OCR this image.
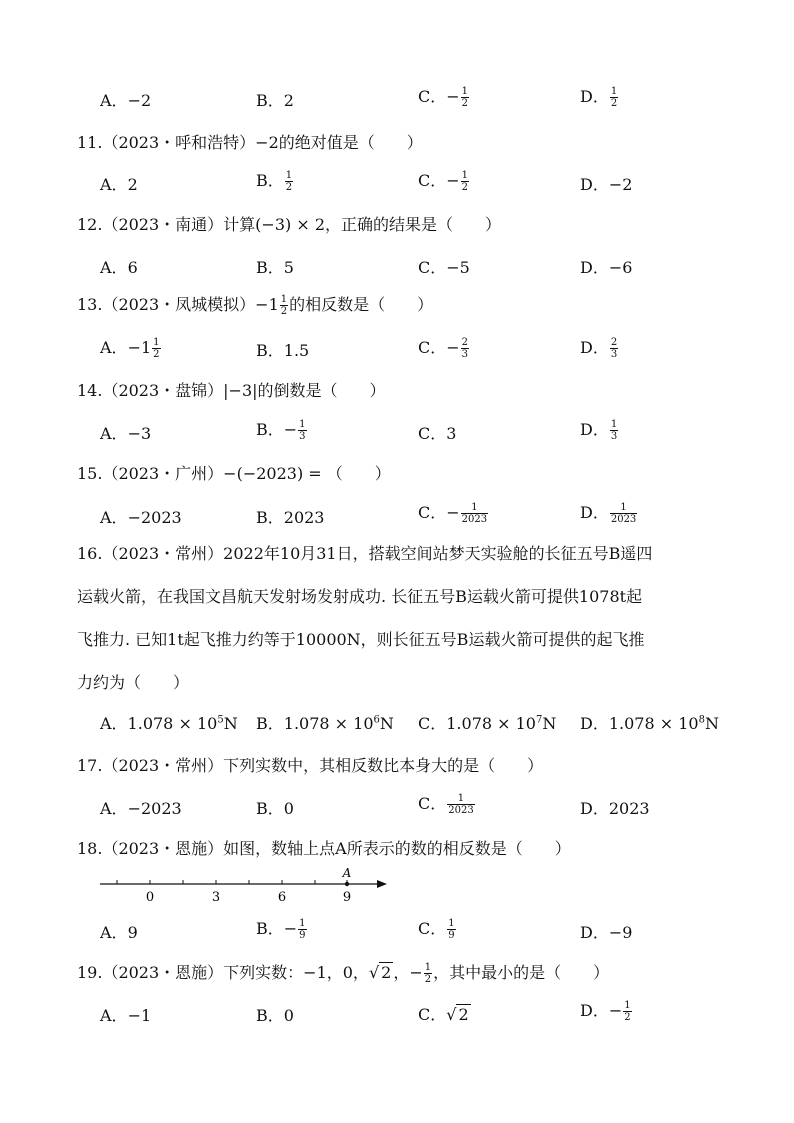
A．−2	B．2	C．− $\frac{1}{2}$	D． $\frac{1}{2}$
11.（2023・呼和浩特）−2的绝对值是（　　）
A．2	B． $\frac{1}{2}$	C．− $\frac{1}{2}$	D．−2
12.（2023・南通）计算(−3) × 2，正确的结果是（　　）
A．6	B．5	C．−5	D．−6
13.（2023・凤城模拟）$-1 \frac{1}{2}$ 的相反数是（　　）
A．$-1 \frac{1}{2}$	B．1.5	C．− $\frac{2}{3}$	D． $\frac{2}{3}$
14.（2023・盘锦）|−3|的倒数是（　　）
A．−3	B．− $\frac{1}{3}$	C．3	D． $\frac{1}{3}$
15.（2023・广州）−(−2023) = （　　）
A．−2023	B．2023	C．− $\frac{1}{2023}$	D． $\frac{1}{2023}$
16.（2023・常州）2022年10月31日，搭载空间站梦天实验舱的长征五号B遥四
运载火箭，在我国文昌航天发射场发射成功. 长征五号B运载火箭可提供1078t起
飞推力. 已知1t起飞推力约等于10000N，则长征五号B运载火箭可提供的起飞推
力约为（　　）
A．$1.078 \times 10^5N$ B．$1.078 \times 10^6N$ C．$1.078 \times 10^7N$ D．$1.078 \times 10^8N$
17.（2023・常州）下列实数中，其相反数比本身大的是（　　）
A．−2023	B．0	C． $\frac{1}{2023}$	D．2023
18.（2023・恩施）如图，数轴上点A所表示的数的相反数是（　　）
A
0	3	6	9
A．9	B．− $\frac{1}{9}$	C． $\frac{1}{9}$	D．−9
19.（2023・恩施）下列实数：−1，0， √ 2 ，− $\frac{1}{2}$ ，其中最小的是（　　）
A．−1	B．0	C． √ 2	D．− $\frac{1}{2}$
